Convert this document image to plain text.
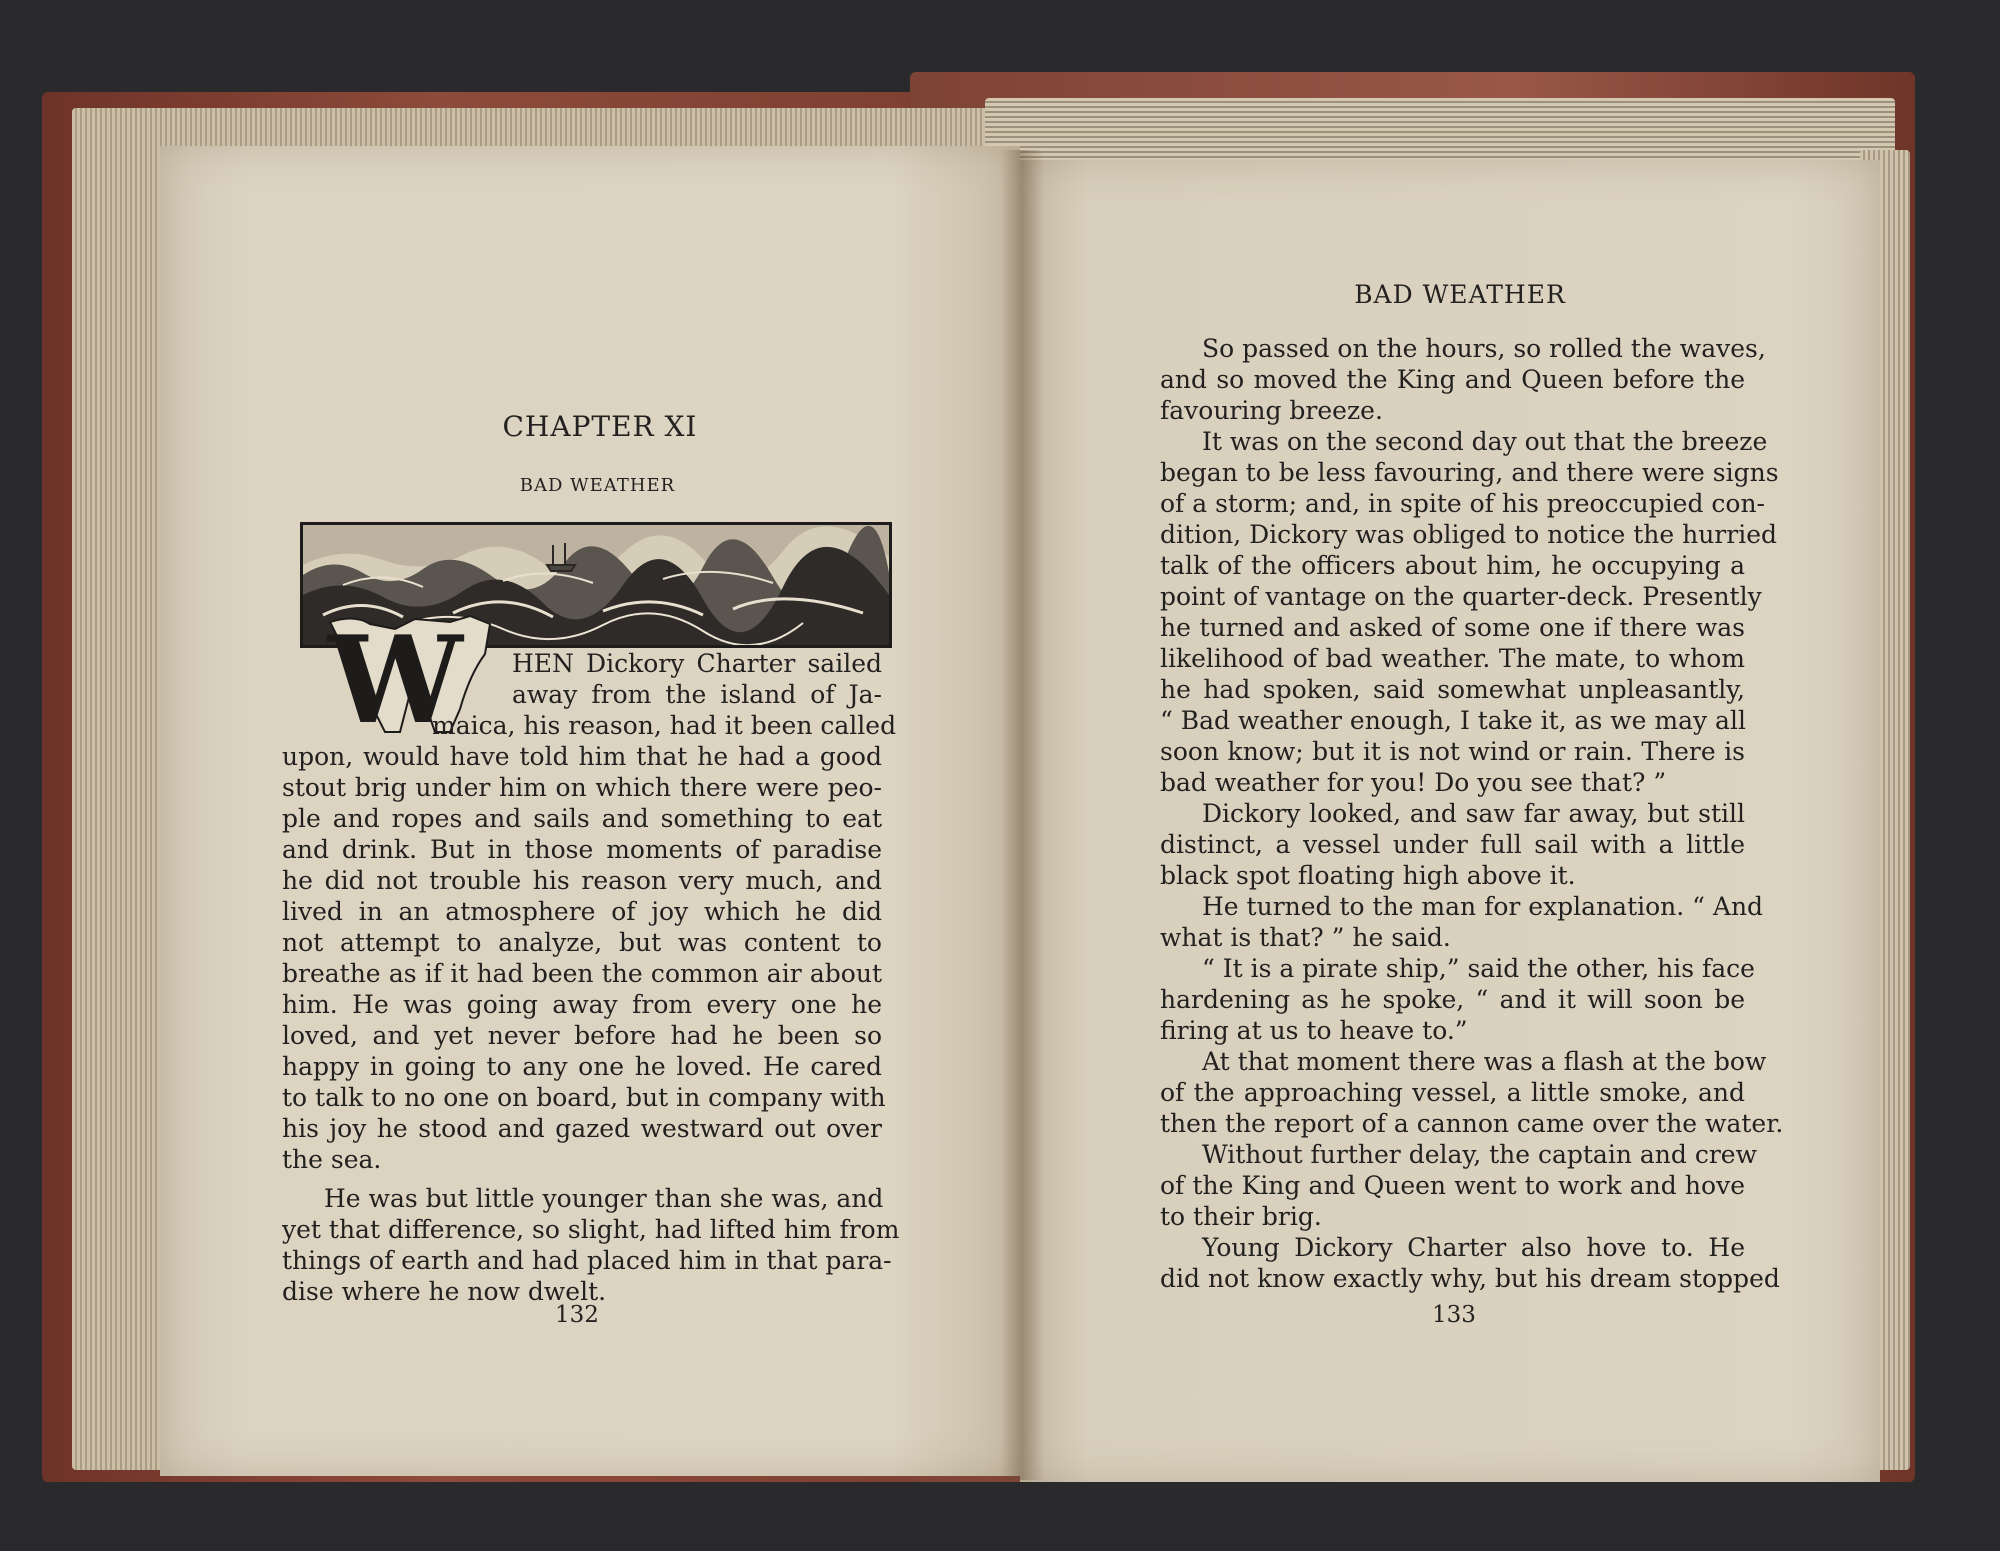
CHAPTER XI
BAD WEATHER
W HEN Dickory Charter sailed
away from the island of Ja-
maica, his reason, had it been called
upon, would have told him that he had a good
stout brig under him on which there were peo-
ple and ropes and sails and something to eat
and drink. But in those moments of paradise
he did not trouble his reason very much, and
lived in an atmosphere of joy which he did
not attempt to analyze, but was content to
breathe as if it had been the common air about
him. He was going away from every one he
loved, and yet never before had he been so
happy in going to any one he loved. He cared
to talk to no one on board, but in company with
his joy he stood and gazed westward out over
the sea.
He was but little younger than she was, and
yet that difference, so slight, had lifted him from
things of earth and had placed him in that para-
dise where he now dwelt.
132
BAD WEATHER
So passed on the hours, so rolled the waves,
and so moved the King and Queen before the
favouring breeze.
It was on the second day out that the breeze
began to be less favouring, and there were signs
of a storm; and, in spite of his preoccupied con-
dition, Dickory was obliged to notice the hurried
talk of the officers about him, he occupying a
point of vantage on the quarter-deck. Presently
he turned and asked of some one if there was
likelihood of bad weather. The mate, to whom
he had spoken, said somewhat unpleasantly,
“ Bad weather enough, I take it, as we may all
soon know; but it is not wind or rain. There is
bad weather for you! Do you see that? ”
Dickory looked, and saw far away, but still
distinct, a vessel under full sail with a little
black spot floating high above it.
He turned to the man for explanation. “ And
what is that? ” he said.
“ It is a pirate ship,” said the other, his face
hardening as he spoke, “ and it will soon be
firing at us to heave to.”
At that moment there was a flash at the bow
of the approaching vessel, a little smoke, and
then the report of a cannon came over the water.
Without further delay, the captain and crew
of the King and Queen went to work and hove
to their brig.
Young Dickory Charter also hove to. He
did not know exactly why, but his dream stopped
133
